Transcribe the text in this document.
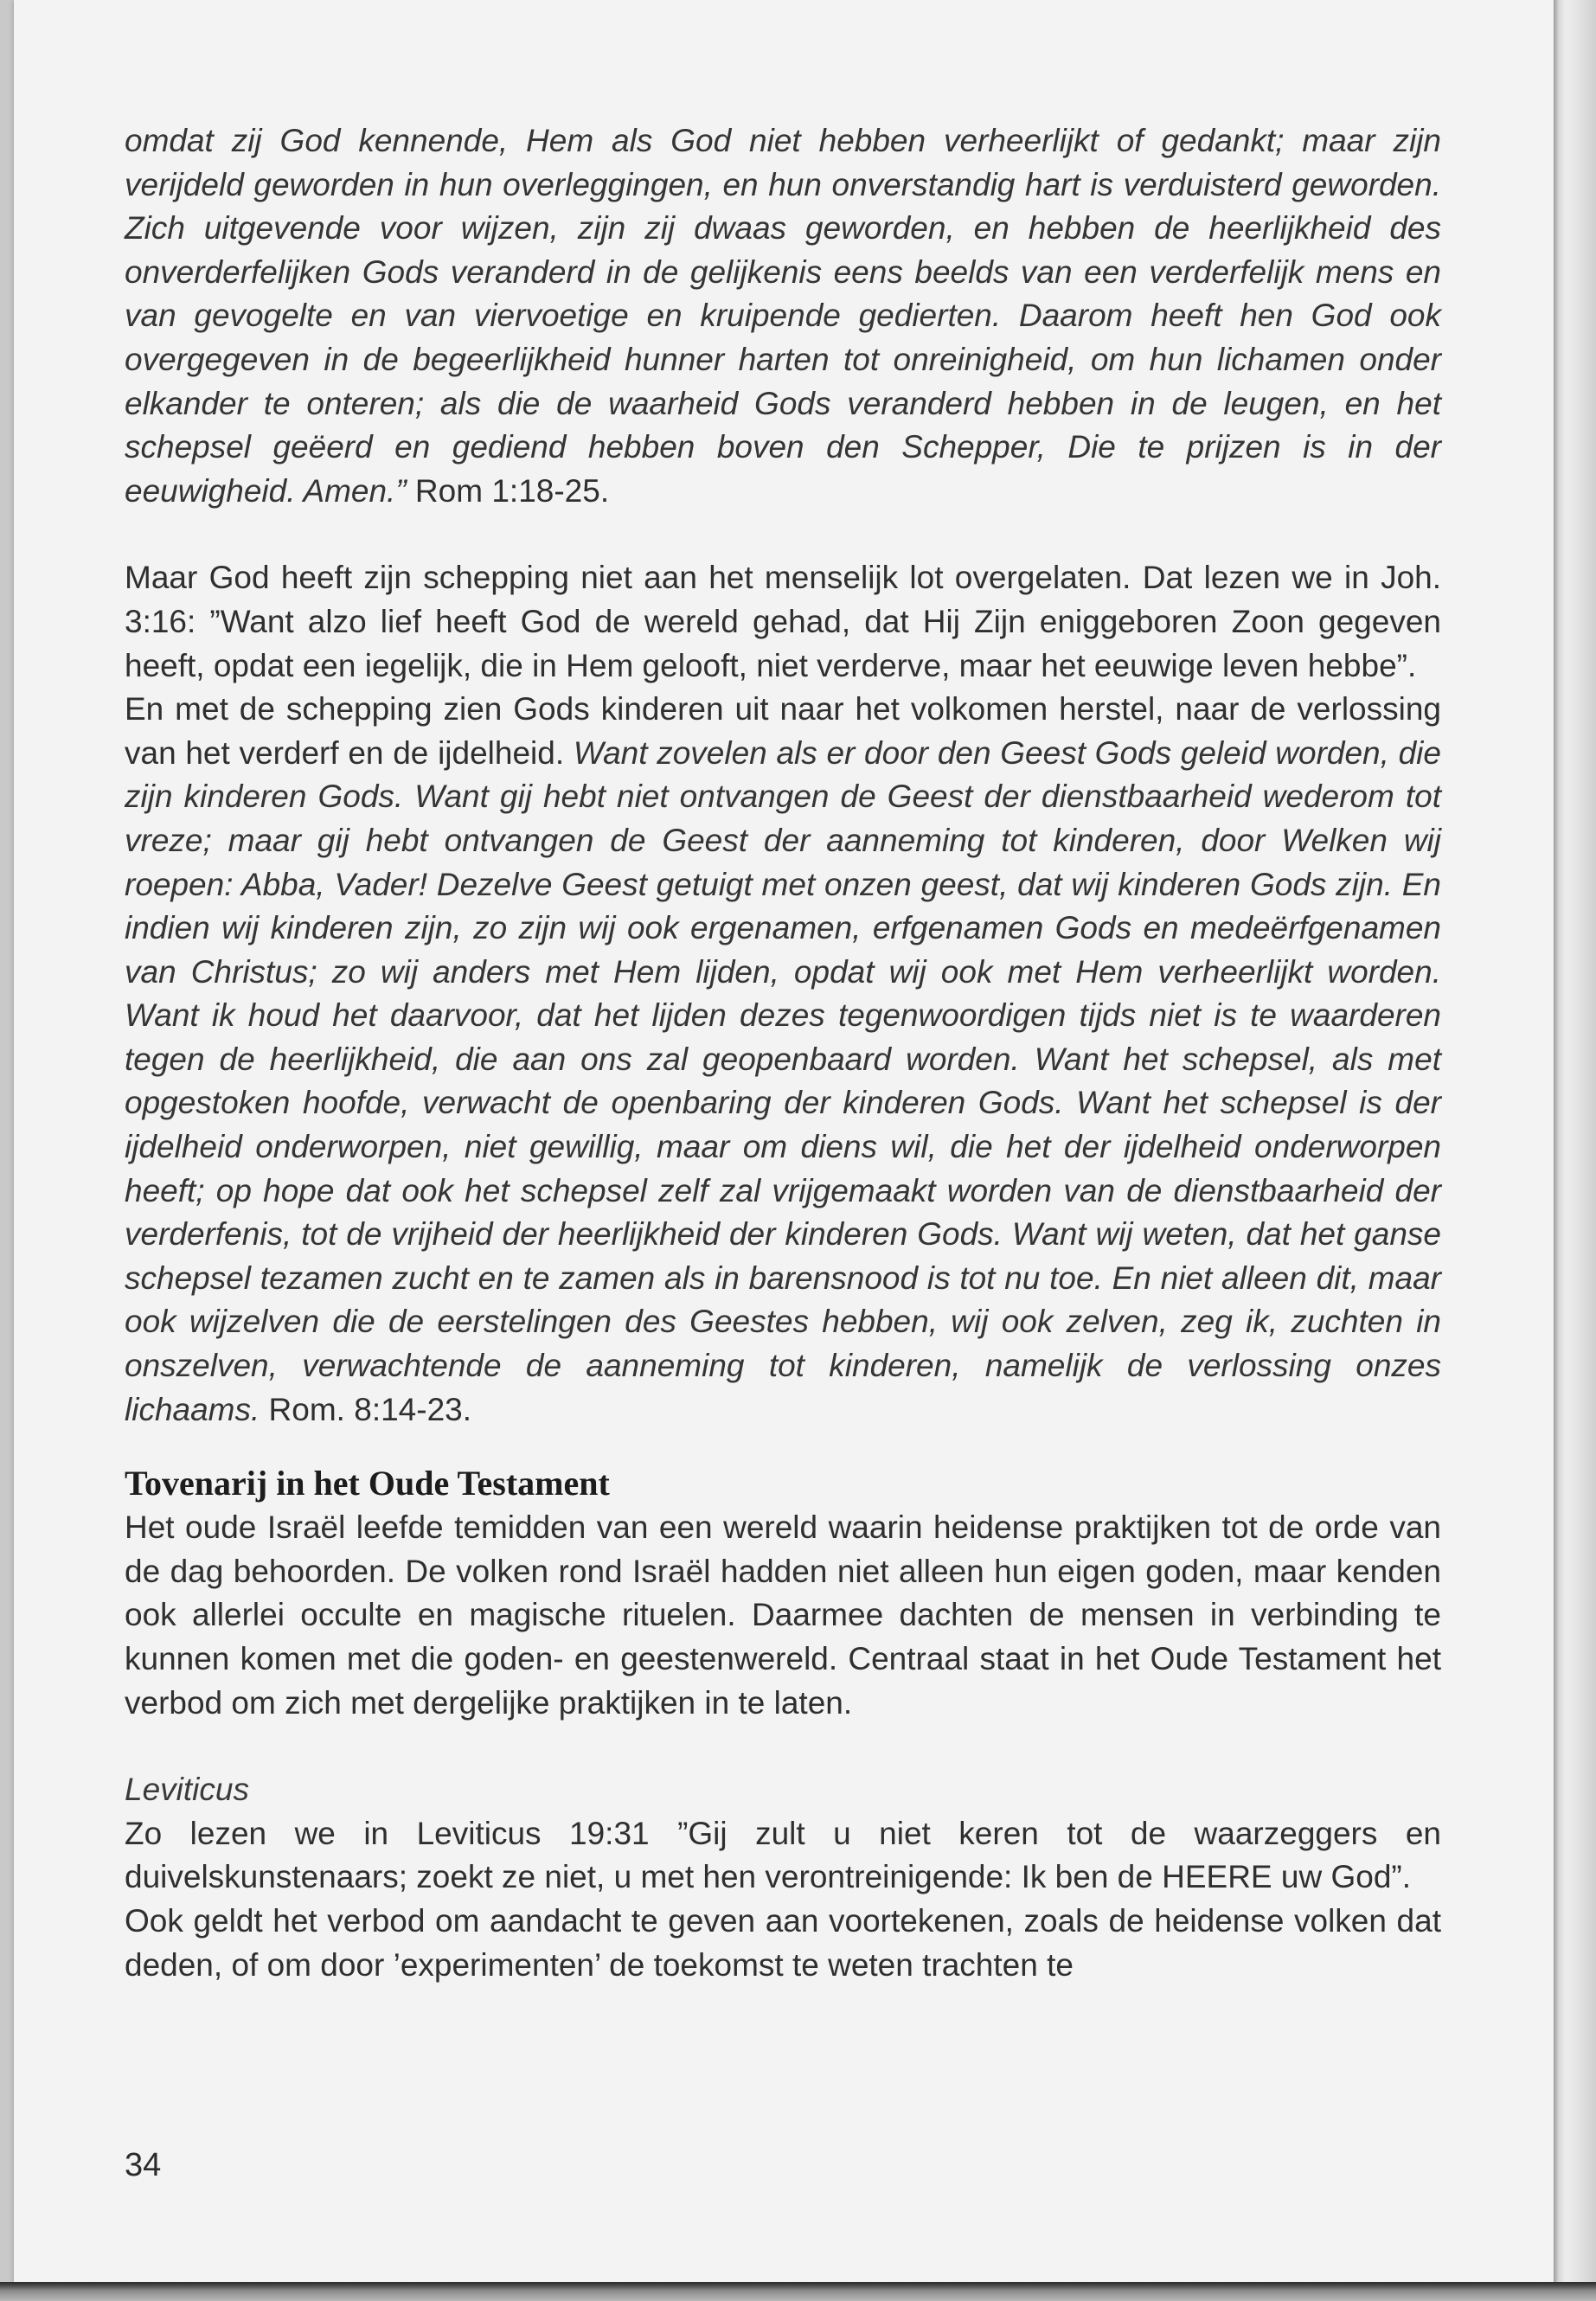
omdat zij God kennende, Hem als God niet hebben verheerlijkt of gedankt; maar zijn verijdeld geworden in hun overleggingen, en hun onverstandig hart is verduisterd geworden. Zich uitgevende voor wijzen, zijn zij dwaas geworden, en hebben de heerlijkheid des onverderfelijken Gods veranderd in de gelijkenis eens beelds van een verderfelijk mens en van gevogelte en van viervoetige en kruipende gedierten. Daarom heeft hen God ook overgegeven in de begeerlijkheid hunner harten tot onreinigheid, om hun lichamen onder elkander te onteren; als die de waarheid Gods veranderd hebben in de leugen, en het schepsel geëerd en gediend hebben boven den Schepper, Die te prijzen is in der eeuwigheid. Amen.” Rom 1:18-25.

Maar God heeft zijn schepping niet aan het menselijk lot overgelaten. Dat lezen we in Joh. 3:16: ”Want alzo lief heeft God de wereld gehad, dat Hij Zijn eniggeboren Zoon gegeven heeft, opdat een iegelijk, die in Hem gelooft, niet verderve, maar het eeuwige leven hebbe”.

En met de schepping zien Gods kinderen uit naar het volkomen herstel, naar de verlossing van het verderf en de ijdelheid. Want zovelen als er door den Geest Gods geleid worden, die zijn kinderen Gods. Want gij hebt niet ontvangen de Geest der dienstbaarheid wederom tot vreze; maar gij hebt ontvangen de Geest der aanneming tot kinderen, door Welken wij roepen: Abba, Vader! Dezelve Geest getuigt met onzen geest, dat wij kinderen Gods zijn. En indien wij kinderen zijn, zo zijn wij ook ergenamen, erfgenamen Gods en medeërfgenamen van Christus; zo wij anders met Hem lijden, opdat wij ook met Hem verheerlijkt worden. Want ik houd het daarvoor, dat het lijden dezes tegenwoordigen tijds niet is te waarderen tegen de heerlijkheid, die aan ons zal geopenbaard worden. Want het schepsel, als met opgestoken hoofde, verwacht de openbaring der kinderen Gods. Want het schepsel is der ijdelheid onderworpen, niet gewillig, maar om diens wil, die het der ijdelheid onderworpen heeft; op hope dat ook het schepsel zelf zal vrijgemaakt worden van de dienstbaarheid der verderfenis, tot de vrijheid der heerlijkheid der kinderen Gods. Want wij weten, dat het ganse schepsel tezamen zucht en te zamen als in barensnood is tot nu toe. En niet alleen dit, maar ook wijzelven die de eerstelingen des Geestes hebben, wij ook zelven, zeg ik, zuchten in onszelven, verwachtende de aanneming tot kinderen, namelijk de verlossing onzes lichaams. Rom. 8:14-23.

Tovenarij in het Oude Testament

Het oude Israël leefde temidden van een wereld waarin heidense praktijken tot de orde van de dag behoorden. De volken rond Israël hadden niet alleen hun eigen goden, maar kenden ook allerlei occulte en magische rituelen. Daarmee dachten de mensen in verbinding te kunnen komen met die goden- en geestenwereld. Centraal staat in het Oude Testament het verbod om zich met dergelijke praktijken in te laten.

Leviticus

Zo lezen we in Leviticus 19:31 ”Gij zult u niet keren tot de waarzeggers en duivelskunstenaars; zoekt ze niet, u met hen verontreinigende: Ik ben de HEERE uw God”.

Ook geldt het verbod om aandacht te geven aan voortekenen, zoals de heidense volken dat deden, of om door ’experimenten’ de toekomst te weten trachten te

34
